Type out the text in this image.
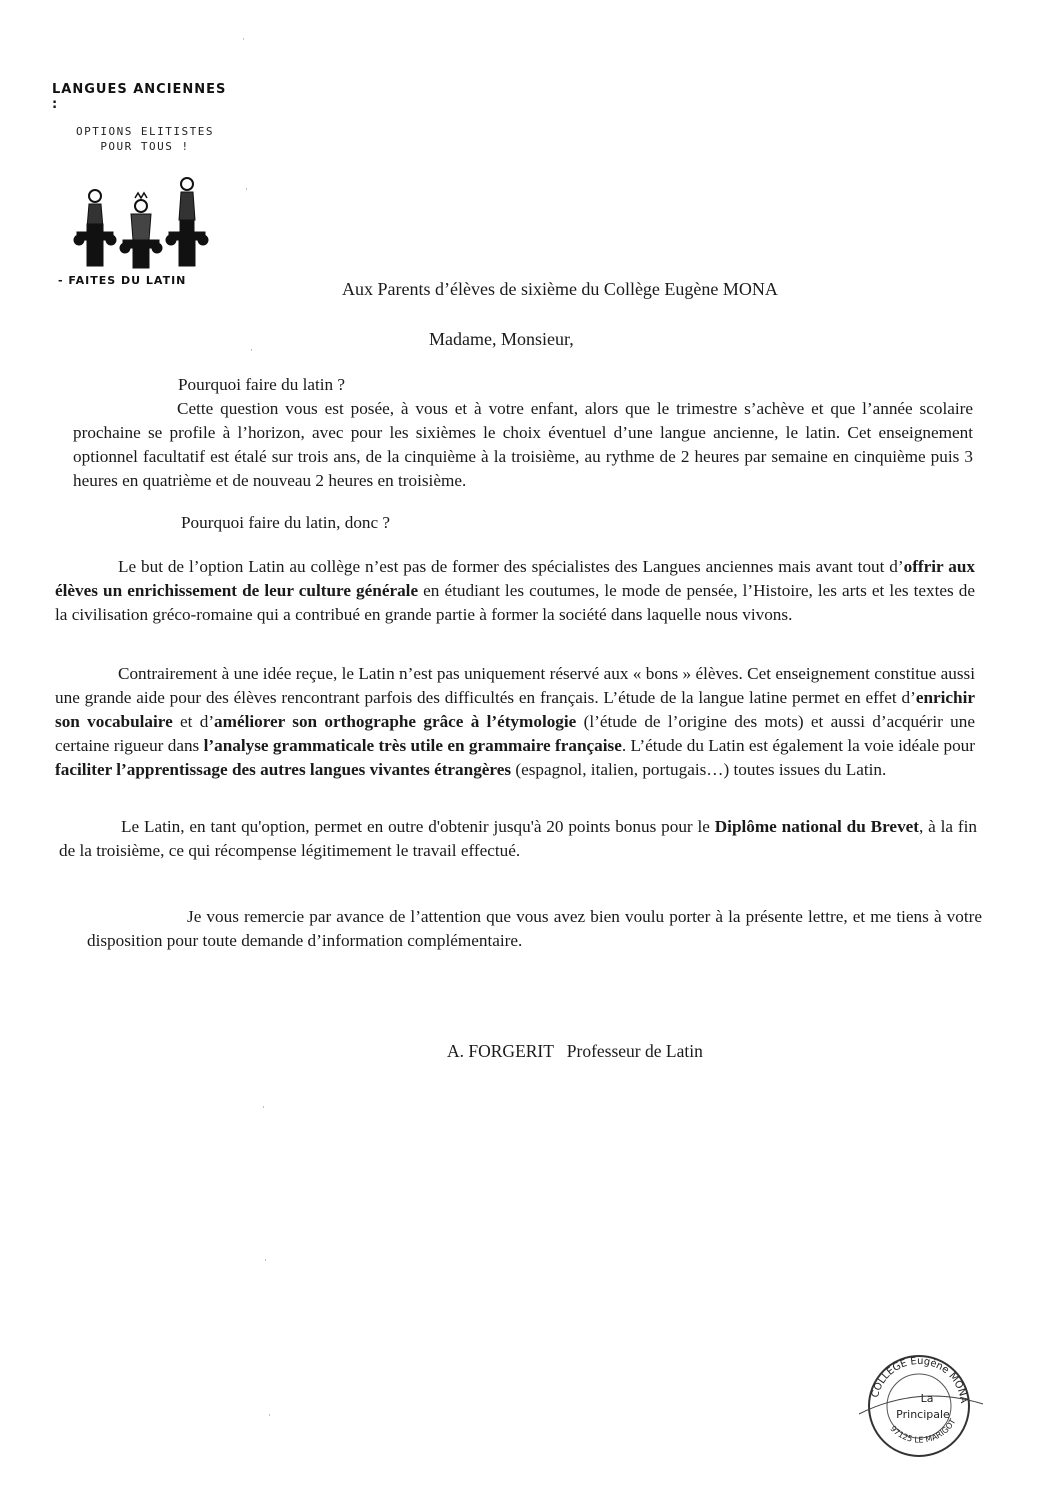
LANGUES ANCIENNES :
OPTIONS ELITISTES
POUR TOUS !
- FAITES DU LATIN	Aux Parents d’élèves de sixième du Collège Eugène MONA
Madame, Monsieur,
Pourquoi faire du latin ?
Cette question vous est posée, à vous et à votre enfant, alors que le trimestre s’achève et que l’année scolaire prochaine se profile à l’horizon, avec pour les sixièmes le choix éventuel d’une langue ancienne, le latin. Cet enseignement optionnel facultatif est étalé sur trois ans, de la cinquième à la troisième, au rythme de 2 heures par semaine en cinquième puis 3 heures en quatrième et de nouveau 2 heures en troisième.
Pourquoi faire du latin, donc ?
Le but de l’option Latin au collège n’est pas de former des spécialistes des Langues anciennes mais avant tout d’offrir aux élèves un enrichissement de leur culture générale en étudiant les coutumes, le mode de pensée, l’Histoire, les arts et les textes de la civilisation gréco-romaine qui a contribué en grande partie à former la société dans laquelle nous vivons.
Contrairement à une idée reçue, le Latin n’est pas uniquement réservé aux « bons » élèves. Cet enseignement constitue aussi une grande aide pour des élèves rencontrant parfois des difficultés en français. L’étude de la langue latine permet en effet d’enrichir son vocabulaire et d’améliorer son orthographe grâce à l’étymologie (l’étude de l’origine des mots) et aussi d’acquérir une certaine rigueur dans l’analyse grammaticale très utile en grammaire française. L’étude du Latin est également la voie idéale pour faciliter l’apprentissage des autres langues vivantes étrangères (espagnol, italien, portugais…) toutes issues du Latin.
Le Latin, en tant qu'option, permet en outre d'obtenir jusqu'à 20 points bonus pour le Diplôme national du Brevet, à la fin de la troisième, ce qui récompense légitimement le travail effectué.
Je vous remercie par avance de l’attention que vous avez bien voulu porter à la présente lettre, et me tiens à votre disposition pour toute demande d’information complémentaire.
A. FORGERIT   Professeur de Latin
COLLEGE Eugène MONA
97125 LE MARIGOT
La
Principale
·
·
·
·
·
·
